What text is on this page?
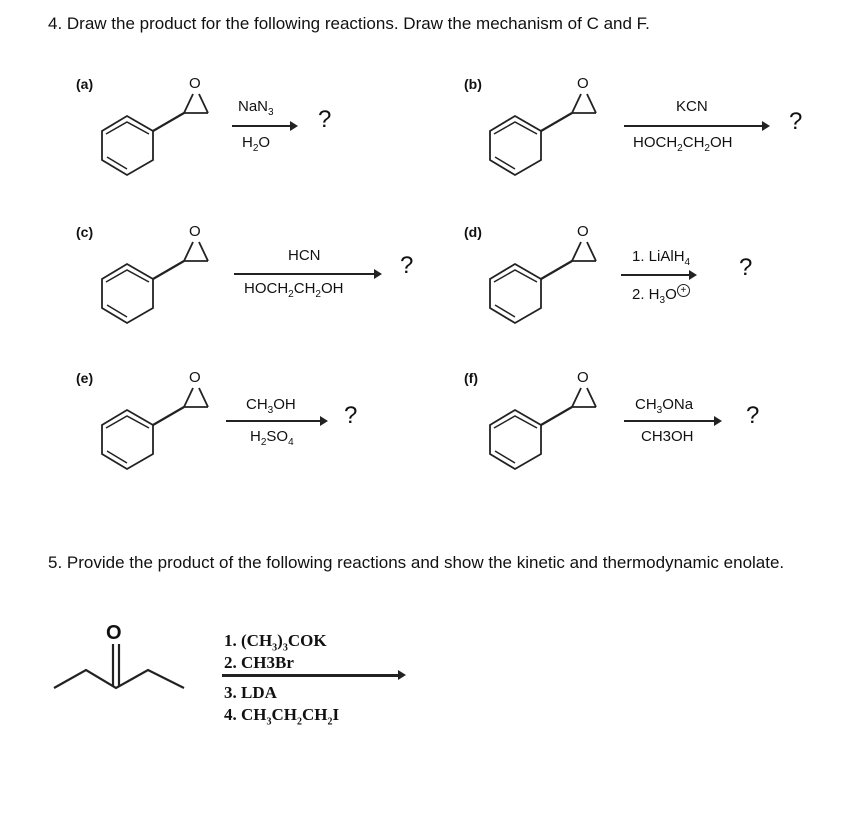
4. Draw the product for the following reactions. Draw the mechanism of C and F.
(a)	O
NaN$_3$
$H_2O$
?
(b)	O
KCN
$HOCH_2CH_2OH$
?
(c)	O
HCN
$HOCH_2CH_2OH$
?
(d)	O
1. LiAlH$_4$
2. $H_3O$ +
?
(e)	O
$CH_3OH$
$H_2SO_4$
?
(f)	O
$CH_3ONa$
CH3OH
?
5. Provide the product of the following reactions and show the kinetic and thermodynamic enolate.
O	1. $(CH_3)_3COK$
2. CH3Br
3. LDA
4. $CH_3CH_2CH_2I$
